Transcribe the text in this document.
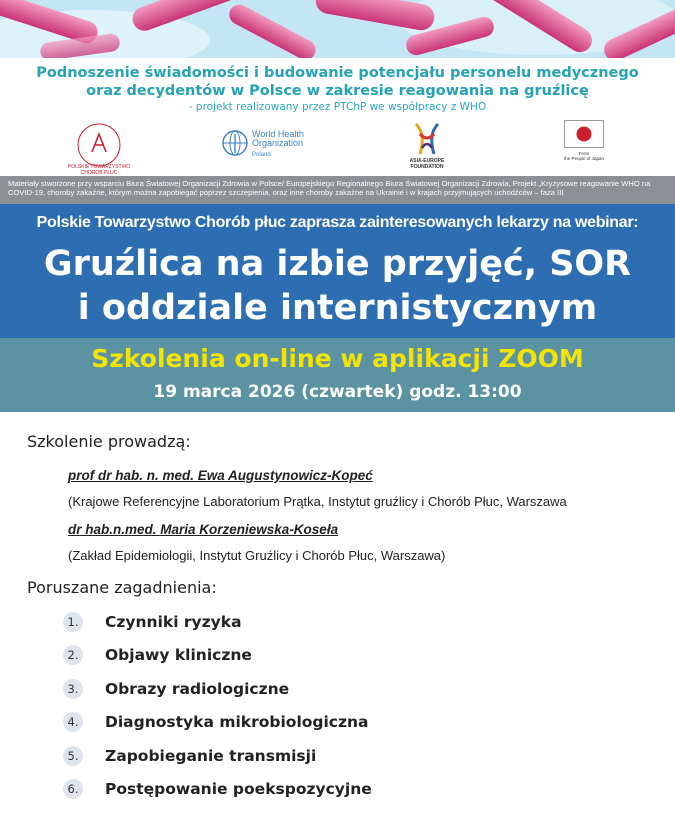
Podnoszenie świadomości i budowanie potencjału personelu medycznego
oraz decydentów w Polsce w zakresie reagowania na gruźlicę
- projekt realizowany przez PTChP we współpracy z WHO
POLSKIE TOWARZYSTWO CHORÓB PŁUC
World Health
Organization
Poland
ASIA-EUROPE
FOUNDATION
From
the People of Japan
Materiały stworzone przy wsparciu Biura Światowej Organizacji Zdrowia w Polsce/ Europejskiego Regionalnego Biura Światowej Organizacji Zdrowia, Projekt „Kryzysowe reagowanie WHO na COVID-19, choroby zakaźne, którym można zapobiegać poprzez szczepienia, oraz inne choroby zakaźne na Ukrainie i w krajach przyjmujących uchodźców – faza III
Polskie Towarzystwo Chorób płuc zaprasza zainteresowanych lekarzy na webinar:
Gruźlica na izbie przyjęć, SOR
i oddziale internistycznym
Szkolenia on-line w aplikacji ZOOM
19 marca 2026 (czwartek) godz. 13:00
Szkolenie prowadzą:
prof dr hab. n. med. Ewa Augustynowicz-Kopeć
(Krajowe Referencyjne Laboratorium Prątka, Instytut gruźlicy i Chorób Płuc, Warszawa
dr hab.n.med. Maria Korzeniewska-Koseła
(Zakład Epidemiologii, Instytut Gruźlicy i Chorób Płuc, Warszawa)
Poruszane zagadnienia:
1. Czynniki ryzyka
2. Objawy kliniczne
3. Obrazy radiologiczne
4. Diagnostyka mikrobiologiczna
5. Zapobieganie transmisji
6. Postępowanie poekspozycyjne
